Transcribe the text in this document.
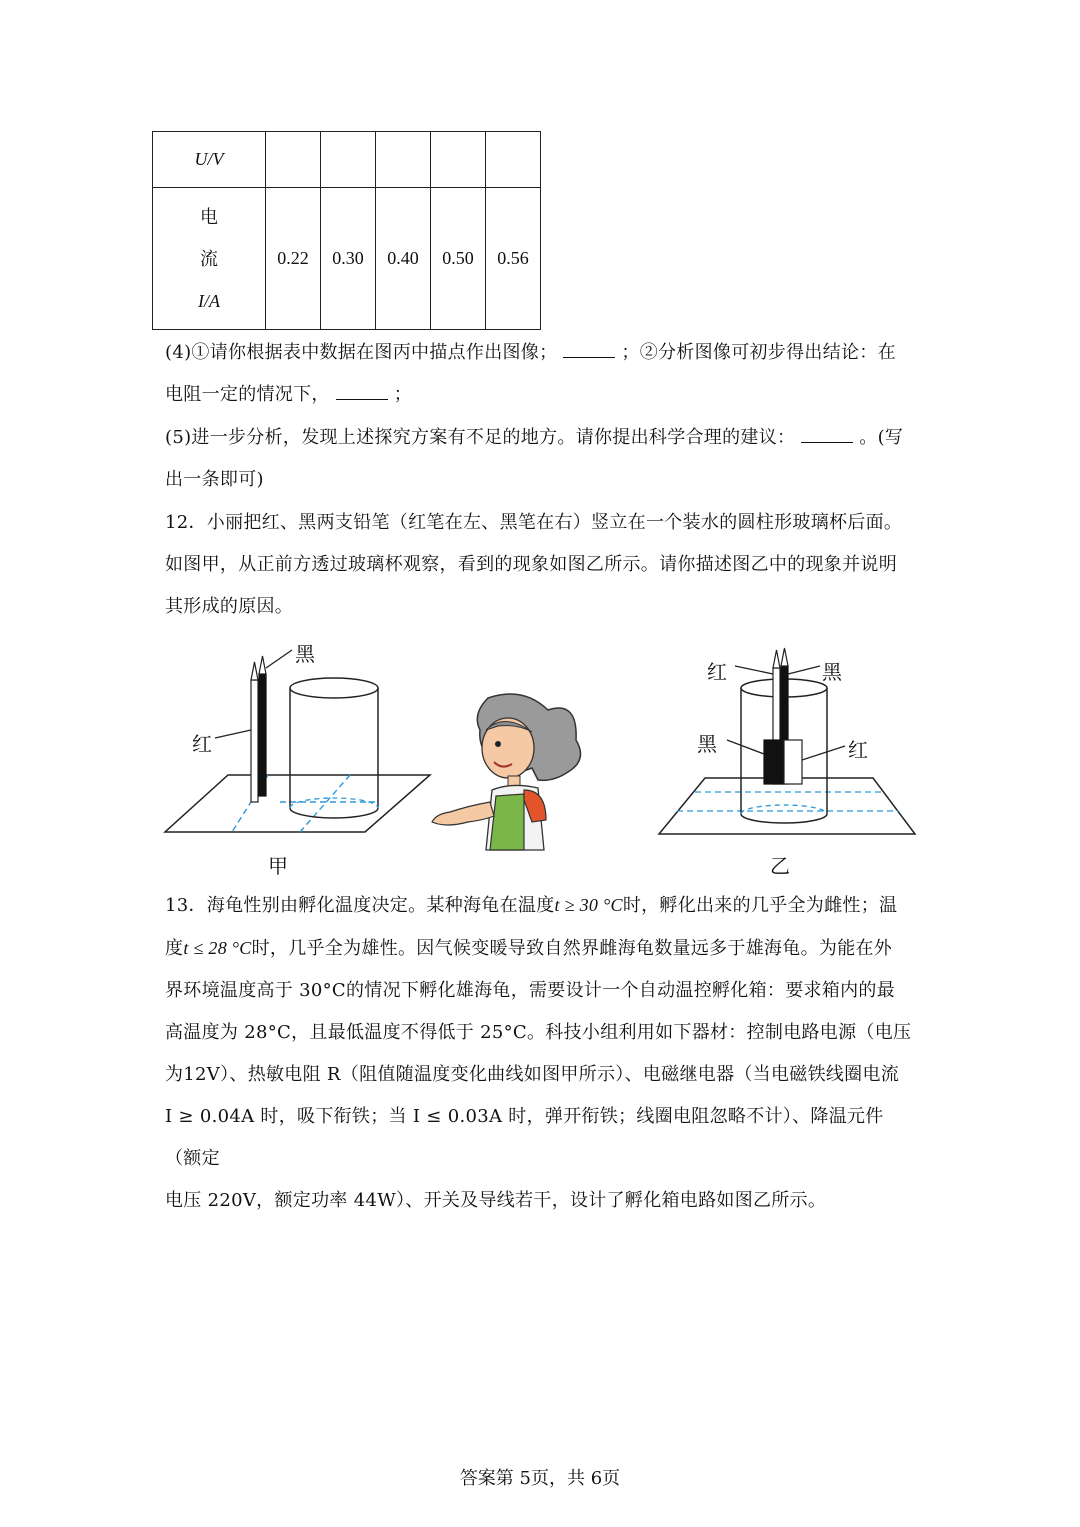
U/V					

电
流
I/A	0.22	0.30	0.40	0.50	0.56

(4)①请你根据表中数据在图丙中描点作出图像；	；②分析图像可初步得出结论：在
电阻一定的情况下，	；

(5)进一步分析，发现上述探究方案有不足的地方。请你提出科学合理的建议：	。(写
出一条即可)

12．小丽把红、黑两支铅笔（红笔在左、黑笔在右）竖立在一个装水的圆柱形玻璃杯后面。
如图甲，从正前方透过玻璃杯观察，看到的现象如图乙所示。请你描述图乙中的现象并说明
其形成的原因。

黑
红
甲
红	黑
黑	红
乙

13．海龟性别由孵化温度决定。某种海龟在温度t ≥ 30 °C时，孵化出来的几乎全为雌性；温
度t ≤ 28 °C时，几乎全为雄性。因气候变暖导致自然界雌海龟数量远多于雄海龟。为能在外
界环境温度高于 30°C的情况下孵化雄海龟，需要设计一个自动温控孵化箱：要求箱内的最
高温度为 28°C，且最低温度不得低于 25°C。科技小组利用如下器材：控制电路电源（电压
为12V）、热敏电阻 R（阻值随温度变化曲线如图甲所示）、电磁继电器（当电磁铁线圈电流
I ≥ 0.04A 时，吸下衔铁；当 I ≤ 0.03A 时，弹开衔铁；线圈电阻忽略不计）、降温元件（额定
电压 220V，额定功率 44W）、开关及导线若干，设计了孵化箱电路如图乙所示。

答案第 5页，共 6页
